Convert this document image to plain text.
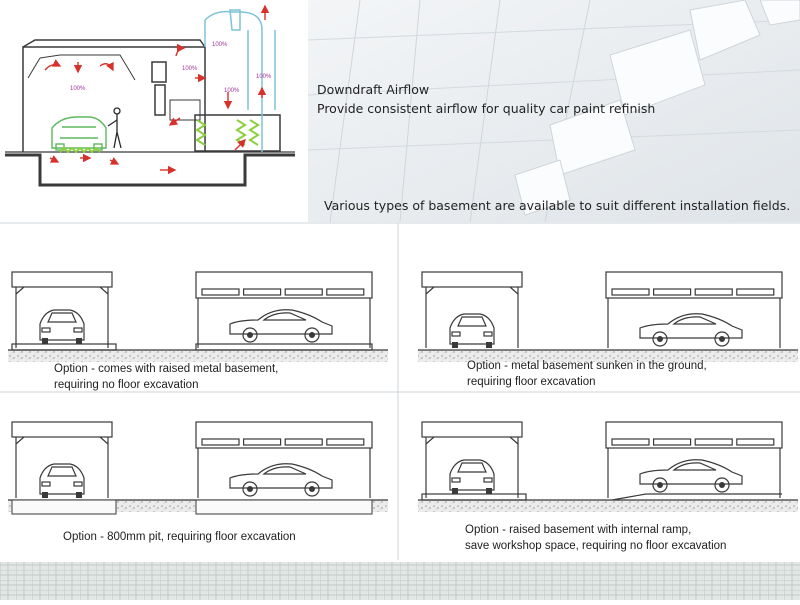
100%
100%
100%
100%
100%
Downdraft Airflow
Provide consistent airflow for quality car paint refinish
Various types of basement are available to suit different installation fields.
Option - comes with raised metal basement,
requiring no floor excavation
Option - metal basement sunken in the ground,
requiring floor excavation
Option - 800mm pit, requiring floor excavation
Option - raised basement with internal ramp,
save workshop space, requiring no floor excavation
